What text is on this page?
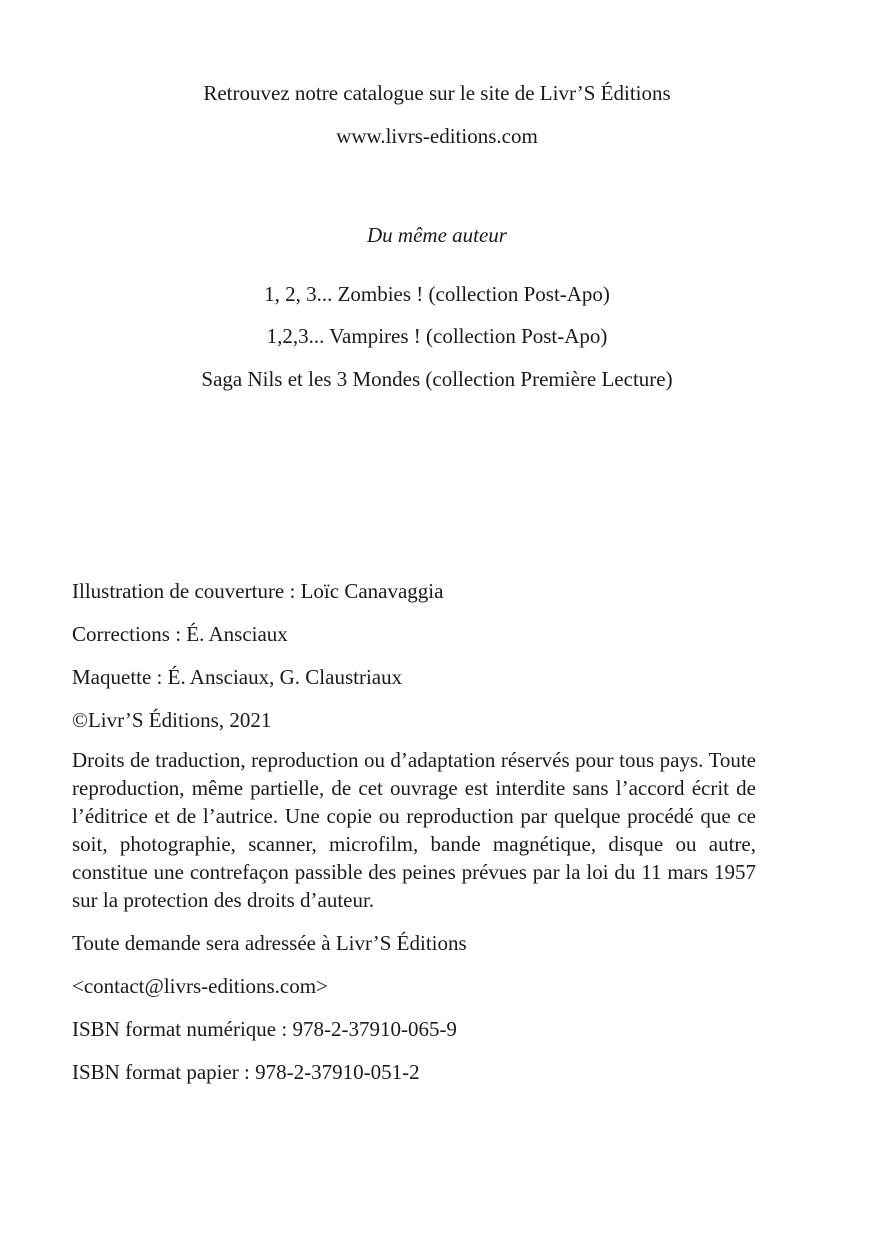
Retrouvez notre catalogue sur le site de Livr’S Éditions
www.livrs-editions.com
Du même auteur
1, 2, 3... Zombies ! (collection Post-Apo)
1,2,3... Vampires ! (collection Post-Apo)
Saga Nils et les 3 Mondes (collection Première Lecture)

Illustration de couverture : Loïc Canavaggia

Corrections : É. Ansciaux

Maquette : É. Ansciaux, G. Claustriaux

©Livr’S Éditions, 2021

Droits de traduction, reproduction ou d’adaptation réservés pour tous pays. Toute reproduction, même partielle, de cet ouvrage est interdite sans l’accord écrit de l’éditrice et de l’autrice. Une copie ou reproduction par quelque procédé que ce soit, photographie, scanner, microfilm, bande magnétique, disque ou autre, constitue une contrefaçon passible des peines prévues par la loi du 11 mars 1957 sur la protection des droits d’auteur.

Toute demande sera adressée à Livr’S Éditions

<contact@livrs-editions.com>

ISBN format numérique : 978-2-37910-065-9

ISBN format papier : 978-2-37910-051-2
